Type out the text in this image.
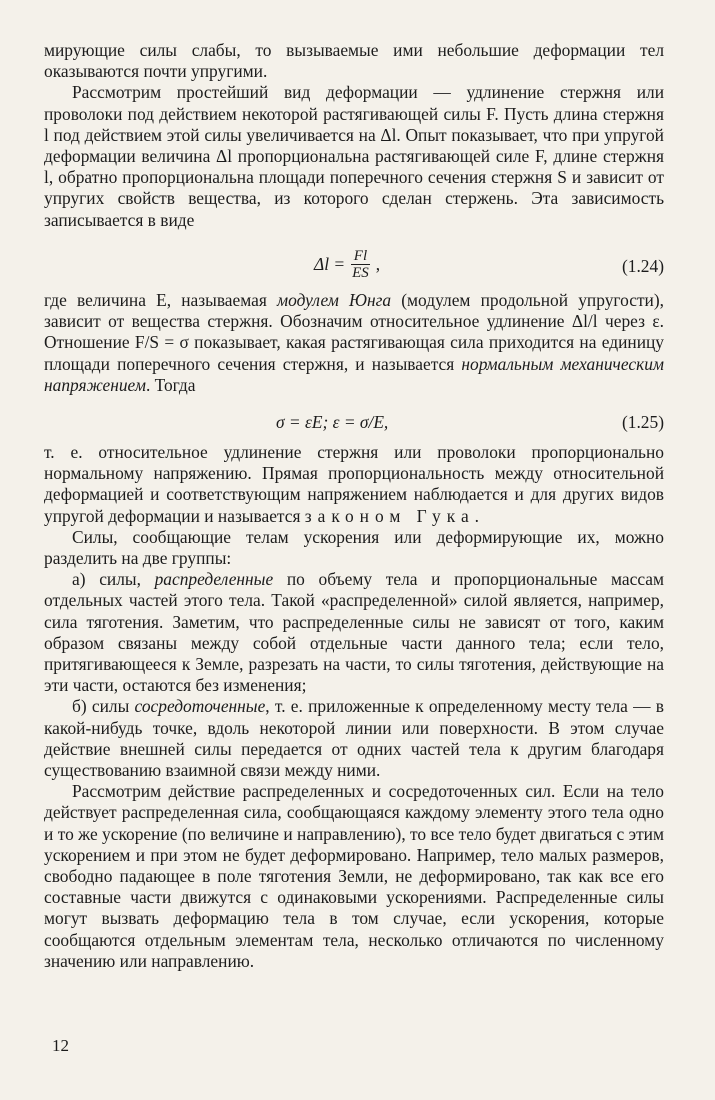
мирующие силы слабы, то вызываемые ими небольшие деформации тел оказываются почти упругими.

Рассмотрим простейший вид деформации — удлинение стержня или проволоки под действием некоторой растягивающей силы F. Пусть длина стержня l под действием этой силы увеличивается на Δl. Опыт показывает, что при упругой деформации величина Δl пропорциональна растягивающей силе F, длине стержня l, обратно пропорциональна площади поперечного сечения стержня S и зависит от упругих свойств вещества, из которого сделан стержень. Эта зависимость записывается в виде

$\Delta l = \frac{Fl}{ES}$ ,	(1.24)

где величина E, называемая модулем Юнга (модулем продольной упругости), зависит от вещества стержня. Обозначим относительное удлинение Δl/l через ε. Отношение F/S = σ показывает, какая растягивающая сила приходится на единицу площади поперечного сечения стержня, и называется нормальным механическим напряжением. Тогда

σ = εE; ε = σ/E,	(1.25)

т. е. относительное удлинение стержня или проволоки пропорционально нормальному напряжению. Прямая пропорциональность между относительной деформацией и соответствующим напряжением наблюдается и для других видов упругой деформации и называется законом Гука.

Силы, сообщающие телам ускорения или деформирующие их, можно разделить на две группы:

а) силы, распределенные по объему тела и пропорциональные массам отдельных частей этого тела. Такой «распределенной» силой является, например, сила тяготения. Заметим, что распределенные силы не зависят от того, каким образом связаны между собой отдельные части данного тела; если тело, притягивающееся к Земле, разрезать на части, то силы тяготения, действующие на эти части, остаются без изменения;

б) силы сосредоточенные, т. е. приложенные к определенному месту тела — в какой-нибудь точке, вдоль некоторой линии или поверхности. В этом случае действие внешней силы передается от одних частей тела к другим благодаря существованию взаимной связи между ними.

Рассмотрим действие распределенных и сосредоточенных сил. Если на тело действует распределенная сила, сообщающаяся каждому элементу этого тела одно и то же ускорение (по величине и направлению), то все тело будет двигаться с этим ускорением и при этом не будет деформировано. Например, тело малых размеров, свободно падающее в поле тяготения Земли, не деформировано, так как все его составные части движутся с одинаковыми ускорениями. Распределенные силы могут вызвать деформацию тела в том случае, если ускорения, которые сообщаются отдельным элементам тела, несколько отличаются по численному значению или направлению.

12
